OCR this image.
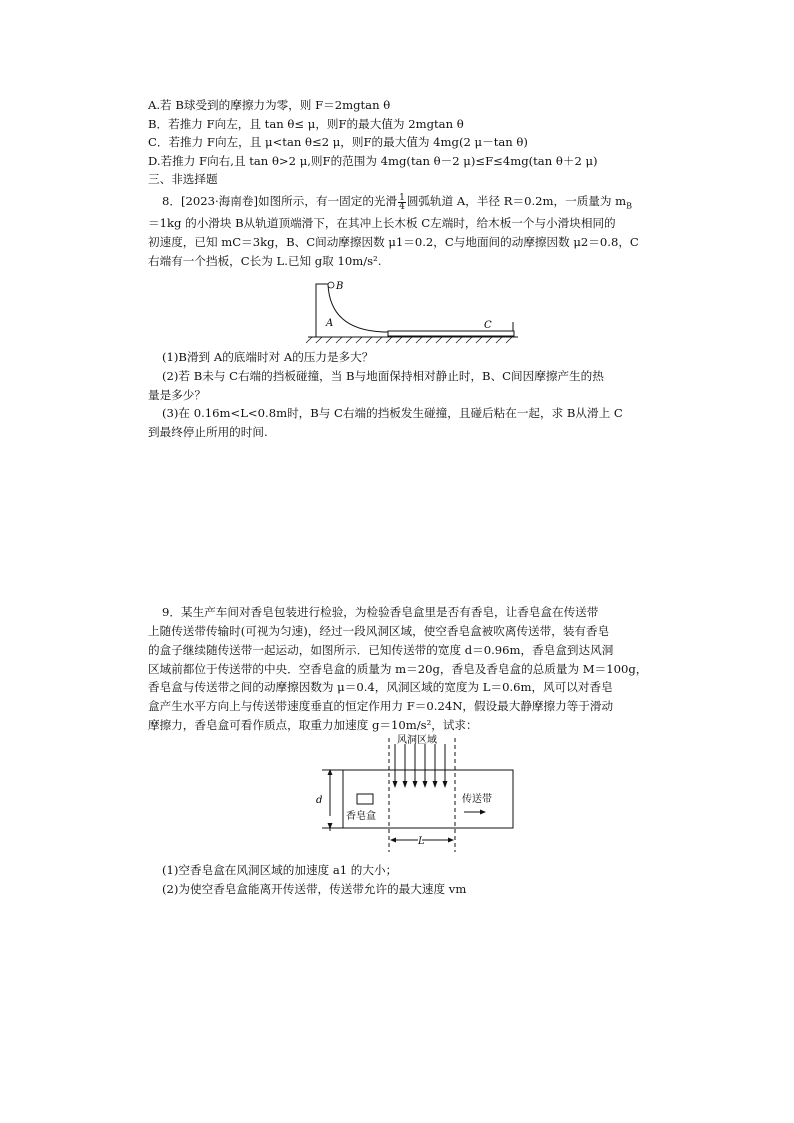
A.若 B球受到的摩擦力为零，则 F＝2mgtan θ
B．若推力 F向左，且 tan θ≤ μ，则F的最大值为 2mgtan θ
C．若推力 F向左，且 μ<tan θ≤2 μ，则F的最大值为 4mg(2 μ－tan θ)
D.若推力 F向右,且 tan θ>2 μ,则F的范围为 4mg(tan θ－2 μ)≤F≤4mg(tan θ＋2 μ)
三、非选择题
8．[2023·海南卷]如图所示，有一固定的光滑 $\frac{1}{4}$ 圆弧轨道 A，半径 R＝0.2m，一质量为 $m_B$
＝1kg 的小滑块 B从轨道顶端滑下，在其冲上长木板 C左端时，给木板一个与小滑块相同的
初速度，已知 mC＝3kg，B、C间动摩擦因数 μ1＝0.2，C与地面间的动摩擦因数 μ2＝0.8，C
右端有一个挡板，C长为 L.已知 g取 10m/s².
B
A	C
(1)B滑到 A的底端时对 A的压力是多大？
(2)若 B未与 C右端的挡板碰撞，当 B与地面保持相对静止时，B、C间因摩擦产生的热
量是多少？
(3)在 0.16m<L<0.8m时，B与 C右端的挡板发生碰撞，且碰后粘在一起，求 B从滑上 C
到最终停止所用的时间.
9．某生产车间对香皂包装进行检验，为检验香皂盒里是否有香皂，让香皂盒在传送带
上随传送带传输时(可视为匀速)，经过一段风洞区域，使空香皂盒被吹离传送带，装有香皂
的盒子继续随传送带一起运动，如图所示．已知传送带的宽度 d＝0.96m，香皂盒到达风洞
区域前都位于传送带的中央．空香皂盒的质量为 m＝20g，香皂及香皂盒的总质量为 M＝100g，
香皂盒与传送带之间的动摩擦因数为 μ＝0.4，风洞区域的宽度为 L＝0.6m，风可以对香皂
盒产生水平方向上与传送带速度垂直的恒定作用力 F＝0.24N，假设最大静摩擦力等于滑动
摩擦力，香皂盒可看作质点，取重力加速度 g＝10m/s²，试求：
风洞区域
d
香皂盒
传送带
L
(1)空香皂盒在风洞区域的加速度 a1 的大小；
(2)为使空香皂盒能离开传送带，传送带允许的最大速度 vm
